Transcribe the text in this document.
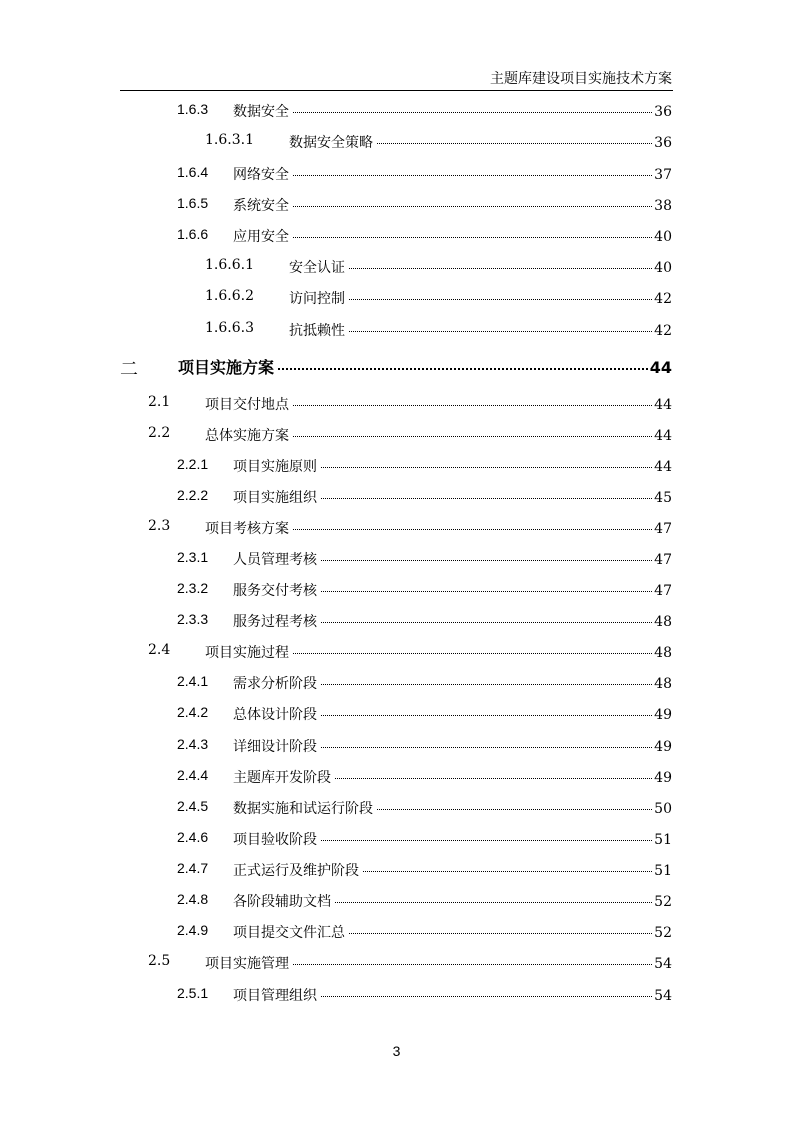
主题库建设项目实施技术方案
1.6.3 数据安全	36
1.6.3.1	数据安全策略	36
1.6.4 网络安全	37
1.6.5 系统安全	38
1.6.6 应用安全	40
1.6.6.1	安全认证	40
1.6.6.2	访问控制	42
1.6.6.3	抗抵赖性	42
二	项目实施方案	44
2.1 项目交付地点	44
2.2 总体实施方案	44
2.2.1 项目实施原则	44
2.2.2 项目实施组织	45
2.3 项目考核方案	47
2.3.1 人员管理考核	47
2.3.2 服务交付考核	47
2.3.3 服务过程考核	48
2.4 项目实施过程	48
2.4.1 需求分析阶段	48
2.4.2 总体设计阶段	49
2.4.3 详细设计阶段	49
2.4.4 主题库开发阶段	49
2.4.5 数据实施和试运行阶段	50
2.4.6 项目验收阶段	51
2.4.7 正式运行及维护阶段	51
2.4.8 各阶段辅助文档	52
2.4.9 项目提交文件汇总	52
2.5 项目实施管理	54
2.5.1 项目管理组织	54
3
